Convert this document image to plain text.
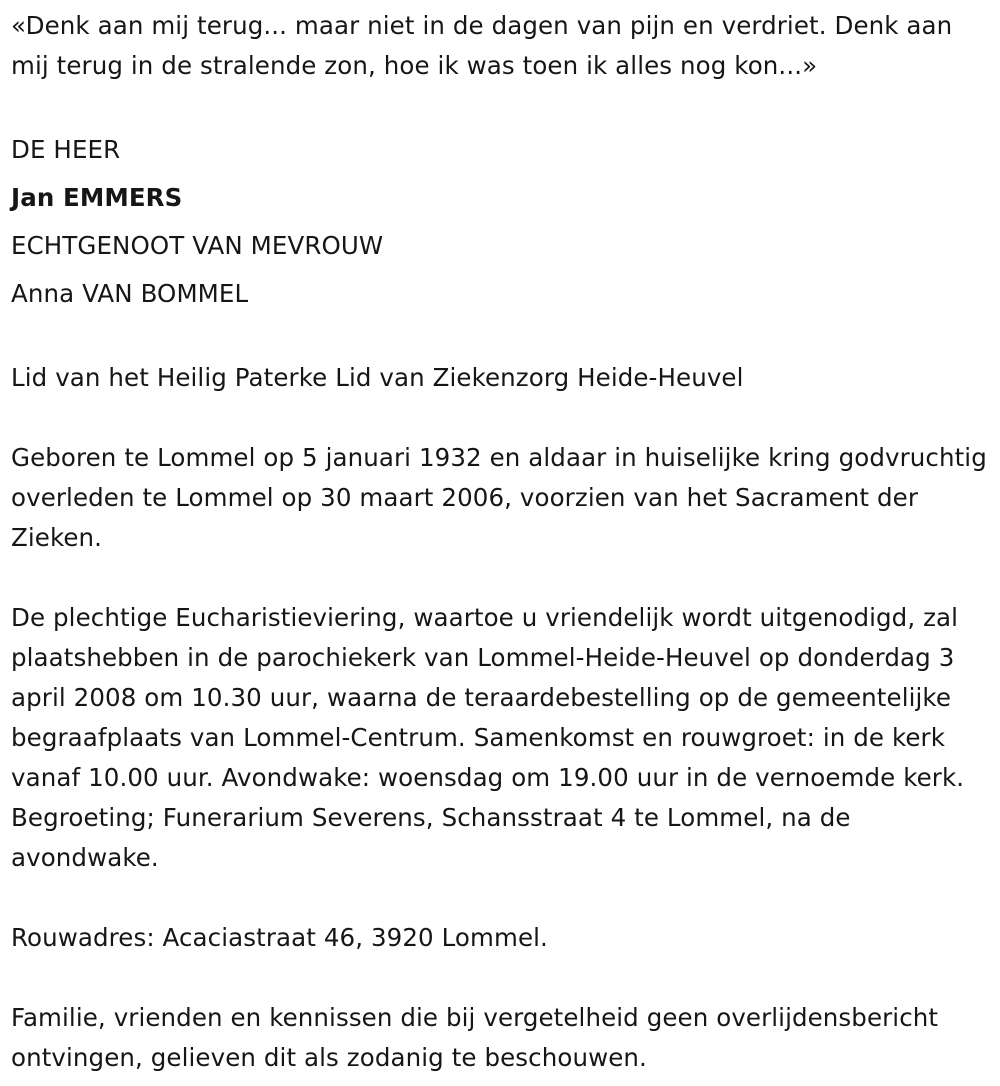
«Denk aan mij terug... maar niet in de dagen van pijn en verdriet. Denk aan mij terug in de stralende zon, hoe ik was toen ik alles nog kon...»

DE HEER
Jan EMMERS
ECHTGENOOT VAN MEVROUW
Anna VAN BOMMEL

Lid van het Heilig Paterke Lid van Ziekenzorg Heide-Heuvel

Geboren te Lommel op 5 januari 1932 en aldaar in huiselijke kring godvruchtig overleden te Lommel op 30 maart 2006, voorzien van het Sacrament der Zieken.

De plechtige Eucharistieviering, waartoe u vriendelijk wordt uitgenodigd, zal plaatshebben in de parochiekerk van Lommel-Heide-Heuvel op donderdag 3 april 2008 om 10.30 uur, waarna de teraardebestelling op de gemeentelijke begraafplaats van Lommel-Centrum. Samenkomst en rouwgroet: in de kerk vanaf 10.00 uur. Avondwake: woensdag om 19.00 uur in de vernoemde kerk. Begroeting; Funerarium Severens, Schansstraat 4 te Lommel, na de avondwake.

Rouwadres: Acaciastraat 46, 3920 Lommel.

Familie, vrienden en kennissen die bij vergetelheid geen overlijdensbericht ontvingen, gelieven dit als zodanig te beschouwen.
